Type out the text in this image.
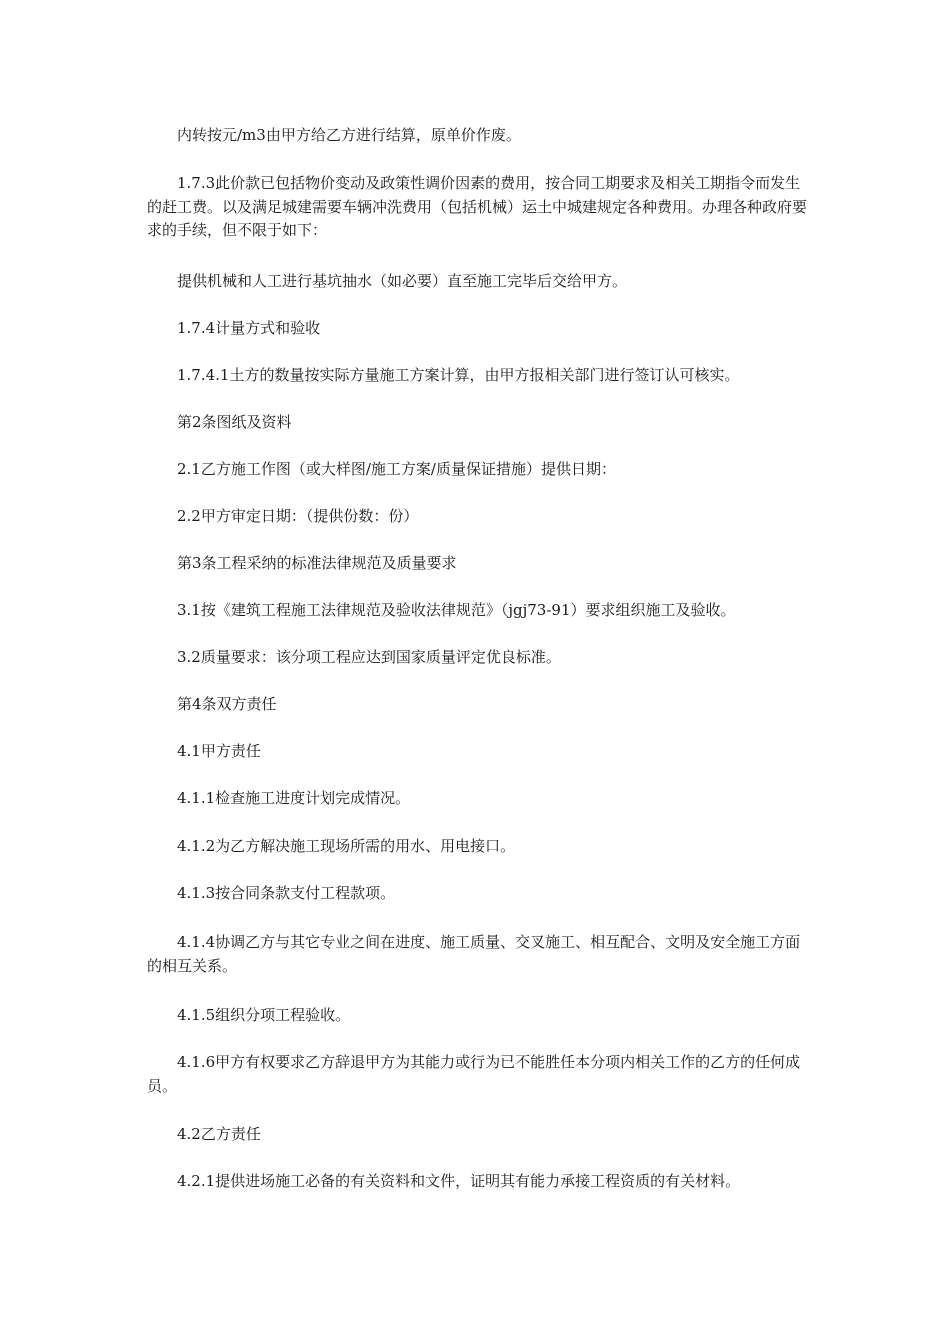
内转按元/m3由甲方给乙方进行结算，原单价作废。

1.7.3此价款已包括物价变动及政策性调价因素的费用，按合同工期要求及相关工期指令而发生的赶工费。以及满足城建需要车辆冲洗费用（包括机械）运土中城建规定各种费用。办理各种政府要求的手续，但不限于如下：

提供机械和人工进行基坑抽水（如必要）直至施工完毕后交给甲方。

1.7.4计量方式和验收

1.7.4.1土方的数量按实际方量施工方案计算，由甲方报相关部门进行签订认可核实。

第2条图纸及资料

2.1乙方施工作图（或大样图/施工方案/质量保证措施）提供日期：

2.2甲方审定日期：（提供份数：份）

第3条工程采纳的标准法律规范及质量要求

3.1按《建筑工程施工法律规范及验收法律规范》（jgj73-91）要求组织施工及验收。

3.2质量要求：该分项工程应达到国家质量评定优良标准。

第4条双方责任

4.1甲方责任

4.1.1检查施工进度计划完成情况。

4.1.2为乙方解决施工现场所需的用水、用电接口。

4.1.3按合同条款支付工程款项。

4.1.4协调乙方与其它专业之间在进度、施工质量、交叉施工、相互配合、文明及安全施工方面的相互关系。

4.1.5组织分项工程验收。

4.1.6甲方有权要求乙方辞退甲方为其能力或行为已不能胜任本分项内相关工作的乙方的任何成员。

4.2乙方责任

4.2.1提供进场施工必备的有关资料和文件，证明其有能力承接工程资质的有关材料。
